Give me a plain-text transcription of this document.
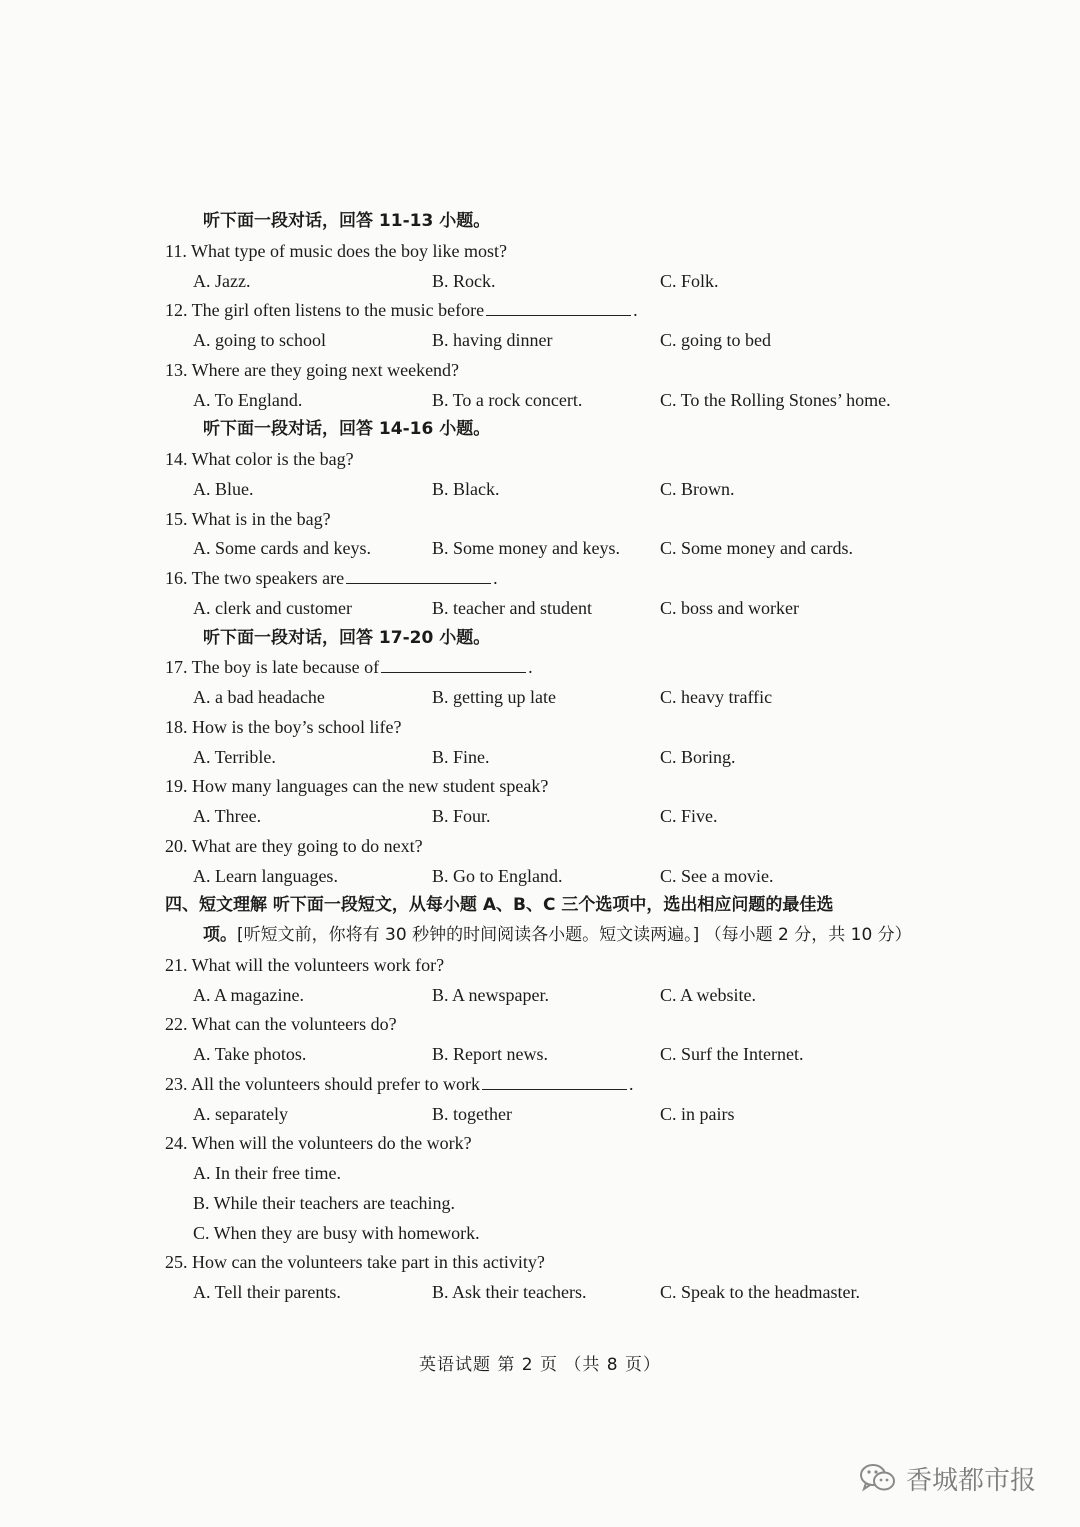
听下面一段对话，回答 11-13 小题。
11. What type of music does the boy like most?
A. Jazz.	B. Rock.	C. Folk.
12. The girl often listens to the music before	.
A. going to school	B. having dinner	C. going to bed
13. Where are they going next weekend?
A. To England.	B. To a rock concert.	C. To the Rolling Stones’ home.
听下面一段对话，回答 14-16 小题。
14. What color is the bag?
A. Blue.	B. Black.	C. Brown.
15. What is in the bag?
A. Some cards and keys.	B. Some money and keys. C. Some money and cards.
16. The two speakers are	.
A. clerk and customer	B. teacher and student	C. boss and worker
听下面一段对话，回答 17-20 小题。
17. The boy is late because of	.
A. a bad headache	B. getting up late	C. heavy traffic
18. How is the boy’s school life?
A. Terrible.	B. Fine.	C. Boring.
19. How many languages can the new student speak?
A. Three.	B. Four.	C. Five.
20. What are they going to do next?
A. Learn languages.	B. Go to England.	C. See a movie.
四、短文理解 听下面一段短文，从每小题 A、B、C 三个选项中，选出相应问题的最佳选
项。[听短文前，你将有 30 秒钟的时间阅读各小题。短文读两遍。] （每小题 2 分，共 10 分）
21. What will the volunteers work for?
A. A magazine.	B. A newspaper.	C. A website.
22. What can the volunteers do?
A. Take photos.	B. Report news.	C. Surf the Internet.
23. All the volunteers should prefer to work	.
A. separately	B. together	C. in pairs
24. When will the volunteers do the work?
A. In their free time.
B. While their teachers are teaching.
C. When they are busy with homework.
25. How can the volunteers take part in this activity?
A. Tell their parents.	B. Ask their teachers.	C. Speak to the headmaster.
英语试题 第 2 页 （共 8 页）
香城都市报
